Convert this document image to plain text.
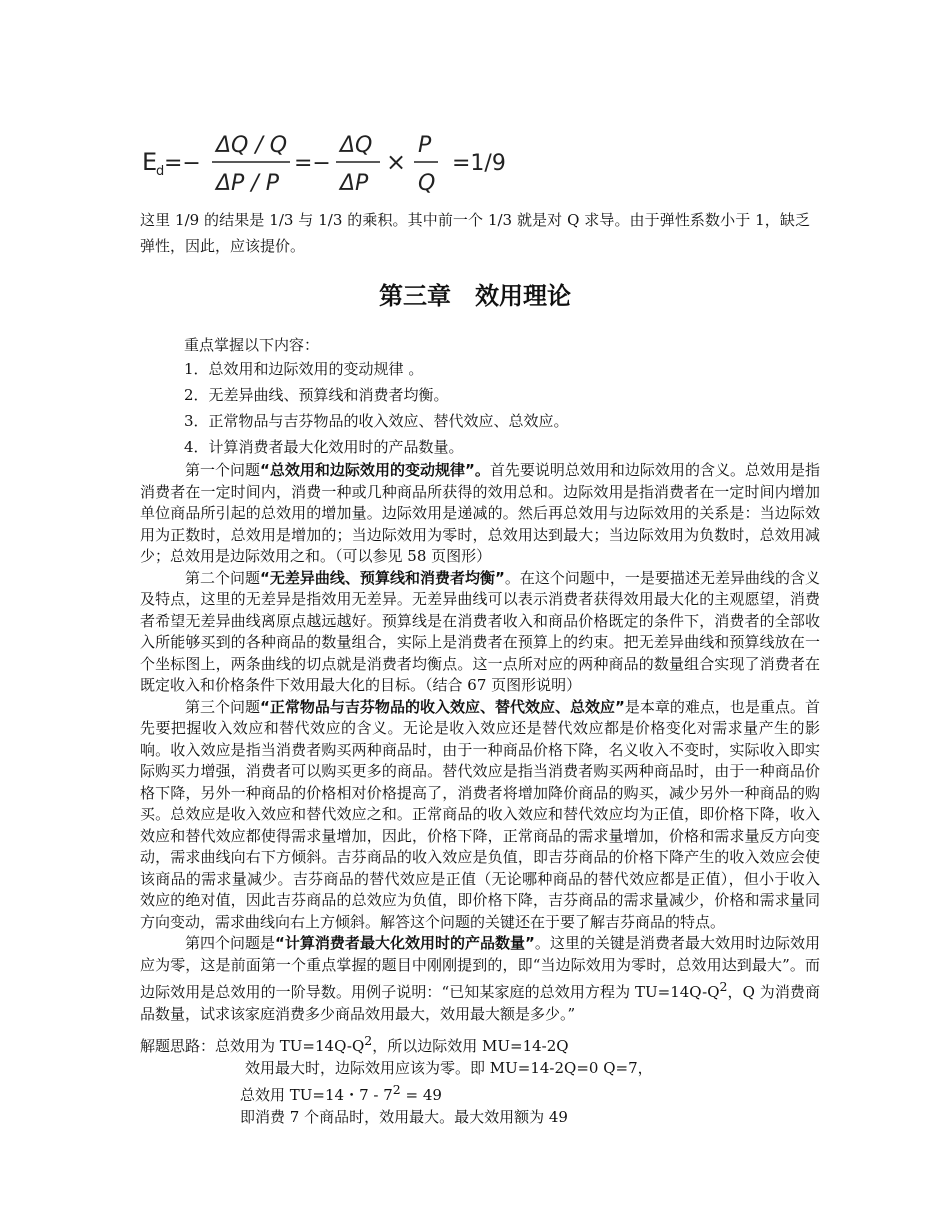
E
d =−
ΔQ / Q
ΔP / P
=−
ΔQ
ΔP
×
P
Q
=1/9
这里 1/9 的结果是 1/3 与 1/3 的乘积。其中前一个 1/3 就是对 Q 求导。由于弹性系数小于 1，缺乏弹性，因此，应该提价。
第三章　效用理论
重点掌握以下内容：
1．总效用和边际效用的变动规律 。
2．无差异曲线、预算线和消费者均衡。
3．正常物品与吉芬物品的收入效应、替代效应、总效应。
4．计算消费者最大化效用时的产品数量。

第一个问题“总效用和边际效用的变动规律”。首先要说明总效用和边际效用的含义。总效用是指消费者在一定时间内，消费一种或几种商品所获得的效用总和。边际效用是指消费者在一定时间内增加单位商品所引起的总效用的增加量。边际效用是递减的。然后再总效用与边际效用的关系是：当边际效用为正数时，总效用是增加的；当边际效用为零时，总效用达到最大；当边际效用为负数时，总效用减少；总效用是边际效用之和。（可以参见 58 页图形）

第二个问题“无差异曲线、预算线和消费者均衡”。在这个问题中，一是要描述无差异曲线的含义及特点，这里的无差异是指效用无差异。无差异曲线可以表示消费者获得效用最大化的主观愿望，消费者希望无差异曲线离原点越远越好。预算线是在消费者收入和商品价格既定的条件下，消费者的全部收入所能够买到的各种商品的数量组合，实际上是消费者在预算上的约束。把无差异曲线和预算线放在一个坐标图上，两条曲线的切点就是消费者均衡点。这一点所对应的两种商品的数量组合实现了消费者在既定收入和价格条件下效用最大化的目标。（结合 67 页图形说明）

第三个问题“正常物品与吉芬物品的收入效应、替代效应、总效应”是本章的难点，也是重点。首先要把握收入效应和替代效应的含义。无论是收入效应还是替代效应都是价格变化对需求量产生的影响。收入效应是指当消费者购买两种商品时，由于一种商品价格下降，名义收入不变时，实际收入即实际购买力增强，消费者可以购买更多的商品。替代效应是指当消费者购买两种商品时，由于一种商品价格下降，另外一种商品的价格相对价格提高了，消费者将增加降价商品的购买，减少另外一种商品的购买。总效应是收入效应和替代效应之和。正常商品的收入效应和替代效应均为正值，即价格下降，收入效应和替代效应都使得需求量增加，因此，价格下降，正常商品的需求量增加，价格和需求量反方向变动，需求曲线向右下方倾斜。吉芬商品的收入效应是负值，即吉芬商品的价格下降产生的收入效应会使该商品的需求量减少。吉芬商品的替代效应是正值（无论哪种商品的替代效应都是正值），但小于收入效应的绝对值，因此吉芬商品的总效应为负值，即价格下降，吉芬商品的需求量减少，价格和需求量同方向变动，需求曲线向右上方倾斜。解答这个问题的关键还在于要了解吉芬商品的特点。

第四个问题是“计算消费者最大化效用时的产品数量”。这里的关键是消费者最大效用时边际效用应为零，这是前面第一个重点掌握的题目中刚刚提到的，即“当边际效用为零时，总效用达到最大”。而边际效用是总效用的一阶导数。用例子说明：“已知某家庭的总效用方程为 $TU=14Q-Q^2$，Q 为消费商品数量，试求该家庭消费多少商品效用最大，效用最大额是多少。”

解题思路：总效用为 $TU=14Q-Q^2$，所以边际效用 MU=14-2Q
效用最大时，边际效用应该为零。即 MU=14-2Q=0 Q=7，
总效用 TU=14・$7 - 7^2 = 49$
即消费 7 个商品时，效用最大。最大效用额为 49
